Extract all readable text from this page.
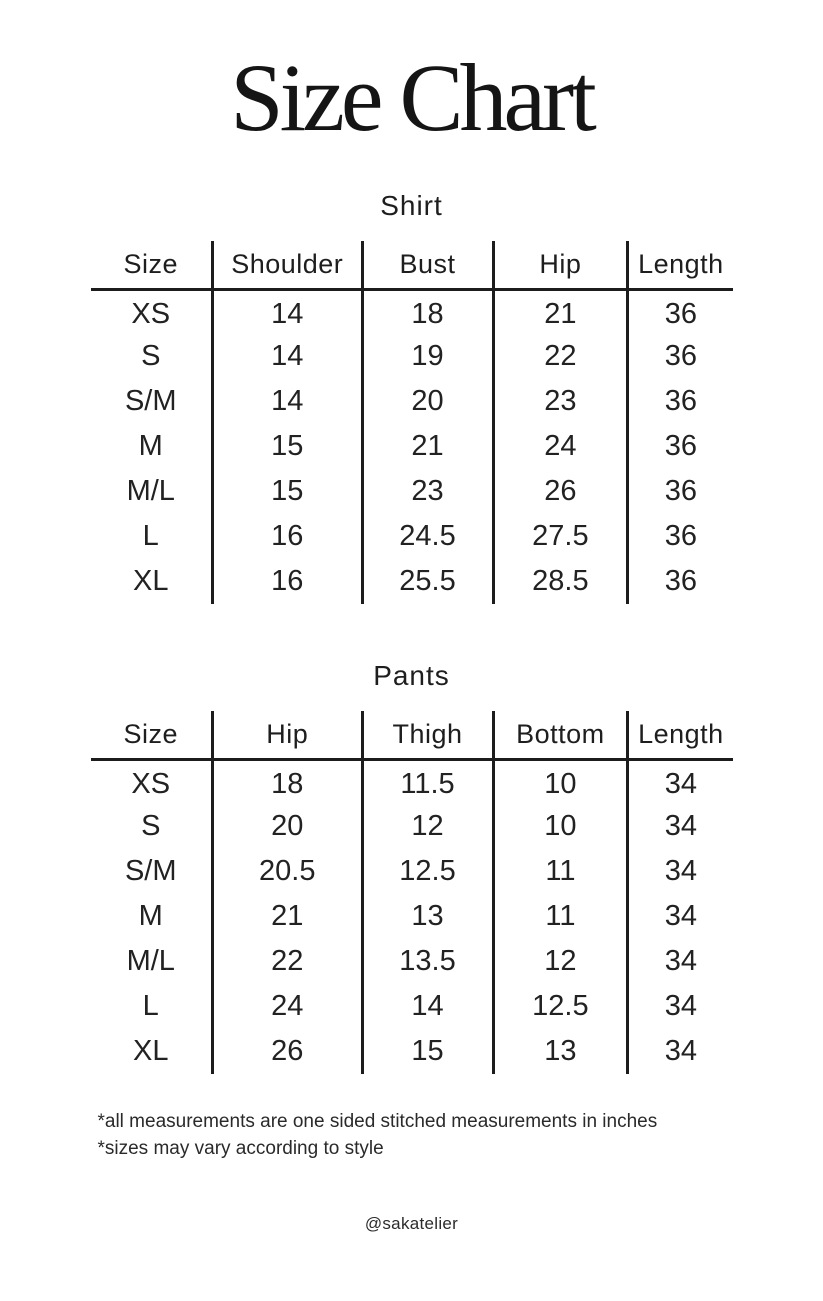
Size Chart
Shirt
Size	Shoulder	Bust	Hip	Length
XS	14	18	21	36
S	14	19	22	36
S/M	14	20	23	36
M	15	21	24	36
M/L	15	23	26	36
L	16	24.5	27.5	36
XL	16	25.5	28.5	36
Pants
Size	Hip	Thigh	Bottom	Length
XS	18	11.5	10	34
S	20	12	10	34
S/M	20.5	12.5	11	34
M	21	13	11	34
M/L	22	13.5	12	34
L	24	14	12.5	34
XL	26	15	13	34
*all measurements are one sided stitched measurements in inches
*sizes may vary according to style
@sakatelier
